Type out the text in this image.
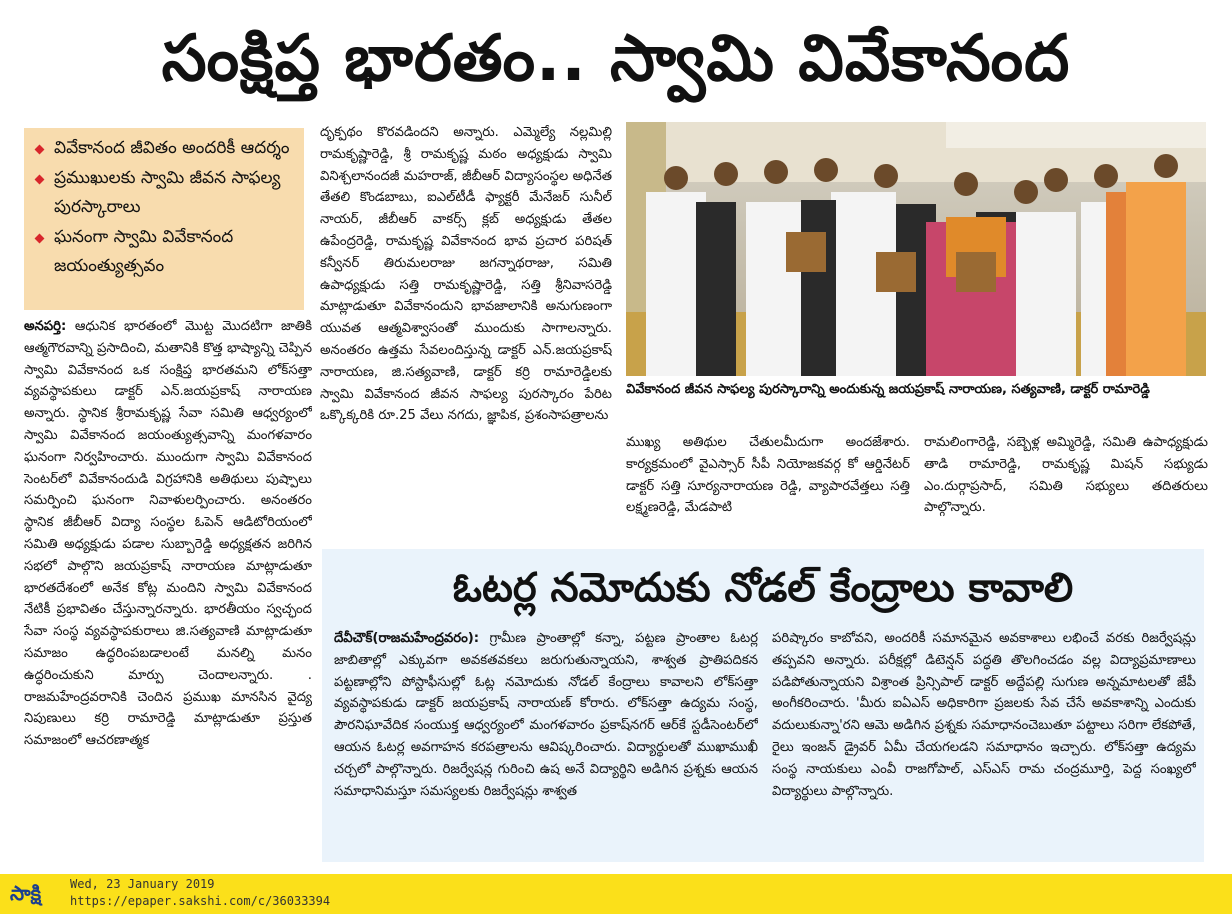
సంక్షిప్త భారతం.. స్వామి వివేకానంద
వివేకానంద జీవితం అందరికీ ఆదర్శం
ప్రముఖులకు స్వామి జీవన సాఫల్య పురస్కారాలు
ఘనంగా స్వామి వివేకానంద జయంత్యుత్సవం

అనపర్తి: ఆధునిక భారతంలో మొట్ట మొదటిగా జాతికి ఆత్మగౌరవాన్ని ప్రసాదించి, మతానికి కొత్త భాష్యాన్ని చెప్పిన స్వామి వివేకానంద ఒక సంక్షిప్త భారతమని లోక్‌సత్తా వ్యవస్థాపకులు డాక్టర్ ఎన్.జయప్రకాష్ నారాయణ అన్నారు. స్థానిక శ్రీరామకృష్ణ సేవా సమితి ఆధ్వర్యంలో స్వామి వివేకానంద జయంత్యుత్సవాన్ని మంగళవారం ఘనంగా నిర్వహించారు. ముందుగా స్వామి వివేకానంద సెంటర్‌లో వివేకానందుడి విగ్రహానికి అతిథులు పుష్పాలు సమర్పించి ఘనంగా నివాళులర్పించారు. అనంతరం స్థానిక జీబీఆర్ విద్యా సంస్థల ఓపెన్ ఆడిటోరియంలో సమితి అధ్యక్షుడు పడాల సుబ్బారెడ్డి అధ్యక్షతన జరిగిన సభలో పాల్గొని జయప్రకాష్ నారాయణ మాట్లాడుతూ భారతదేశంలో అనేక కోట్ల మందిని స్వామి వివేకానంద నేటికీ ప్రభావితం చేస్తున్నారన్నారు. భారతీయం స్వచ్ఛంద సేవా సంస్థ వ్యవస్థాపకురాలు జి.సత్యవాణి మాట్లాడుతూ సమాజం ఉద్ధరింపబడాలంటే మనల్ని మనం ఉద్ధరించుకుని మార్పు చెందాలన్నారు. . రాజమహేంద్రవరానికి చెందిన ప్రముఖ మానసిన వైద్య నిపుణులు కర్రి రామారెడ్డి మాట్లాడుతూ ప్రస్తుత సమాజంలో ఆచరణాత్మక

దృక్పథం కొరవడిందని అన్నారు. ఎమ్మెల్యే నల్లమిల్లి రామకృష్ణారెడ్డి, శ్రీ రామకృష్ణ మఠం అధ్యక్షుడు స్వామి వినిశ్చలానందజీ మహరాజ్, జీబీఆర్ విద్యాసంస్థల అధినేత తేతలి కొండబాబు, ఐఎల్‌టీడీ ఫ్యాక్టరీ మేనేజర్ సునీల్ నాయర్, జీబీఆర్ వాకర్స్ క్లబ్ అధ్యక్షుడు తేతల ఉపేంద్రరెడ్డి, రామకృష్ణ వివేకానంద భావ ప్రచార పరిషత్ కన్వీనర్ తిరుమలరాజు జగన్నాథరాజు, సమితి ఉపాధ్యక్షుడు సత్తి రామకృష్ణారెడ్డి, సత్తి శ్రీనివాసరెడ్డి మాట్లాడుతూ వివేకానందుని భావజాలానికి అనుగుణంగా యువత ఆత్మవిశ్వాసంతో ముందుకు సాగాలన్నారు. అనంతరం ఉత్తమ సేవలందిస్తున్న డాక్టర్ ఎన్.జయప్రకాష్ నారాయణ, జి.సత్యవాణి, డాక్టర్ కర్రి రామారెడ్డిలకు స్వామి వివేకానంద జీవన సాఫల్య పురస్కారం పేరిట ఒక్కొక్కరికి రూ.25 వేలు నగదు, జ్ఞాపిక, ప్రశంసాపత్రాలను

వివేకానంద జీవన సాఫల్య పురస్కారాన్ని అందుకున్న జయప్రకాష్ నారాయణ, సత్యవాణి, డాక్టర్ రామారెడ్డి

ముఖ్య అతిథుల చేతులమీదుగా అందజేశారు. కార్యక్రమంలో వైఎస్సార్ సీపీ నియోజకవర్గ కో ఆర్డినేటర్ డాక్టర్ సత్తి సూర్యనారాయణ రెడ్డి, వ్యాపారవేత్తలు సత్తి లక్ష్మణరెడ్డి, మేడపాటి

రామలింగారెడ్డి, సబ్బెళ్ల అమ్మిరెడ్డి, సమితి ఉపాధ్యక్షుడు తాడి రామారెడ్డి, రామకృష్ణ మిషన్ సభ్యుడు ఎం.దుర్గాప్రసాద్, సమితి సభ్యులు తదితరులు పాల్గొన్నారు.

ఓటర్ల నమోదుకు నోడల్ కేంద్రాలు కావాలి

దేవీచౌక్(రాజమహేంద్రవరం): గ్రామీణ ప్రాంతాల్లో కన్నా, పట్టణ ప్రాంతాల ఓటర్ల జాబితాల్లో ఎక్కువగా అవకతవకలు జరుగుతున్నాయని, శాశ్వత ప్రాతిపదికన పట్టణాల్లోని పోస్టాఫీసుల్లో ఓట్ల నమోదుకు నోడల్ కేంద్రాలు కావాలని లోక్‌సత్తా వ్యవస్థాపకుడు డాక్టర్ జయప్రకాష్ నారాయణ్ కోరారు. లోక్‌సత్తా ఉద్యమ సంస్థ, పౌరనిఘావేదిక సంయుక్త ఆధ్వర్యంలో మంగళవారం ప్రకాష్‌నగర్ ఆర్‌కే స్టడీసెంటర్‌లో ఆయన ఓటర్ల అవగాహన కరపత్రాలను ఆవిష్కరించారు. విద్యార్థులతో ముఖాముఖీ చర్చలో పాల్గొన్నారు. రిజర్వేషన్ల గురించి ఉష అనే విద్యార్థిని అడిగిన ప్రశ్నకు ఆయన సమాధానిమస్తూ సమస్యలకు రిజర్వేషన్లు శాశ్వత

పరిష్కారం కాబోవని, అందరికీ సమానమైన అవకాశాలు లభించే వరకు రిజర్వేషన్లు తప్పవని అన్నారు. పరీక్షల్లో డిటెన్షన్ పద్ధతి తొలగించడం వల్ల విద్యాప్రమాణాలు పడిపోతున్నాయని విశ్రాంత ప్రిన్సిపాల్ డాక్టర్ అద్దేపల్లి సుగుణ అన్నమాటలతో జేపీ అంగీకరించారు. 'మీరు ఐఏఎస్ అధికారిగా ప్రజలకు సేవ చేసే అవకాశాన్ని ఎందుకు వదులుకున్నా'రని ఆమె అడిగిన ప్రశ్నకు సమాధానంచెబుతూ పట్టాలు సరిగా లేకపోతే, రైలు ఇంజన్ డ్రైవర్ ఏమీ చేయగలడని సమాధానం ఇచ్చారు. లోక్‌సత్తా ఉద్యమ సంస్థ నాయకులు ఎంవీ రాజగోపాల్, ఎస్ఎస్ రామ చంద్రమూర్తి, పెద్ద సంఖ్యలో విద్యార్థులు పాల్గొన్నారు.

సాక్షి Wed, 23 January 2019
https://epaper.sakshi.com/c/36033394
